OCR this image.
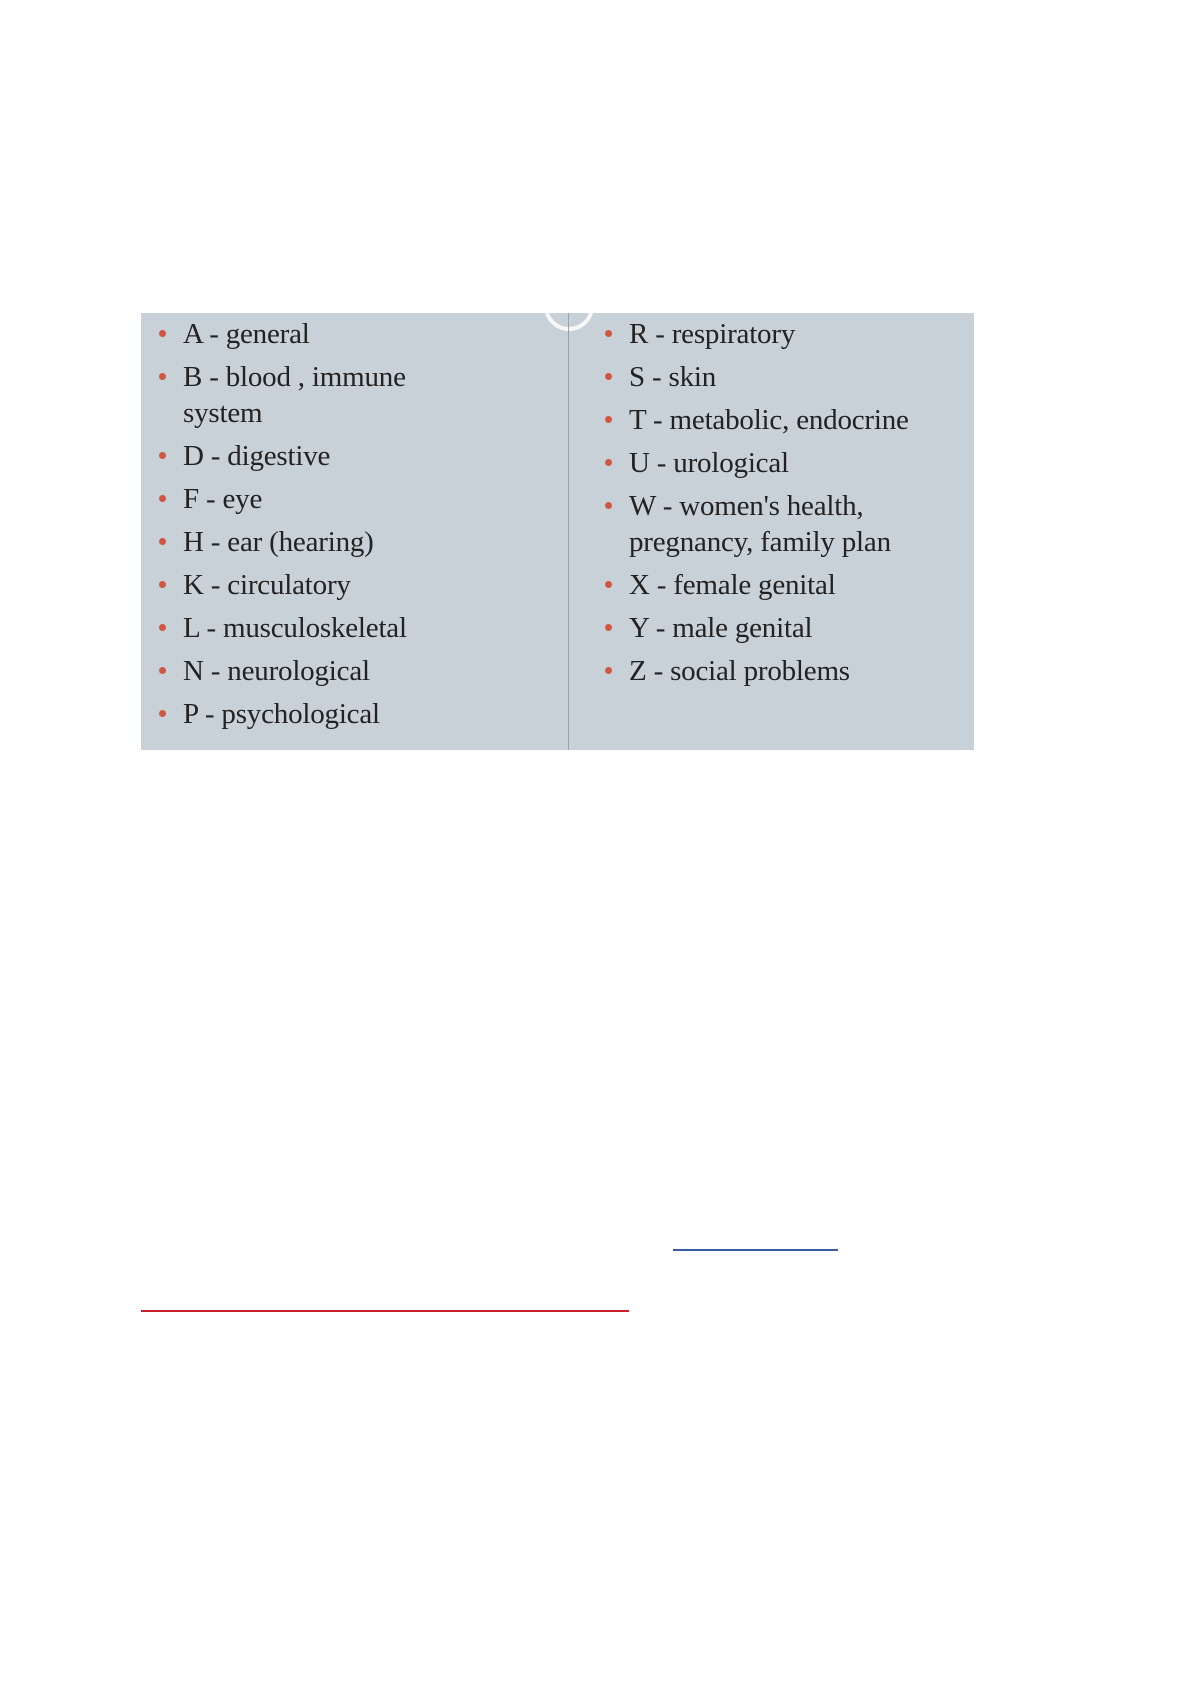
A - general
B - blood , immune system
D - digestive
F - eye
H - ear (hearing)
K - circulatory
L - musculoskeletal
N - neurological
P - psychological
R - respiratory
S - skin
T - metabolic, endocrine
U - urological
W - women's health, pregnancy, family plan
X - female genital
Y - male genital
Z - social problems
